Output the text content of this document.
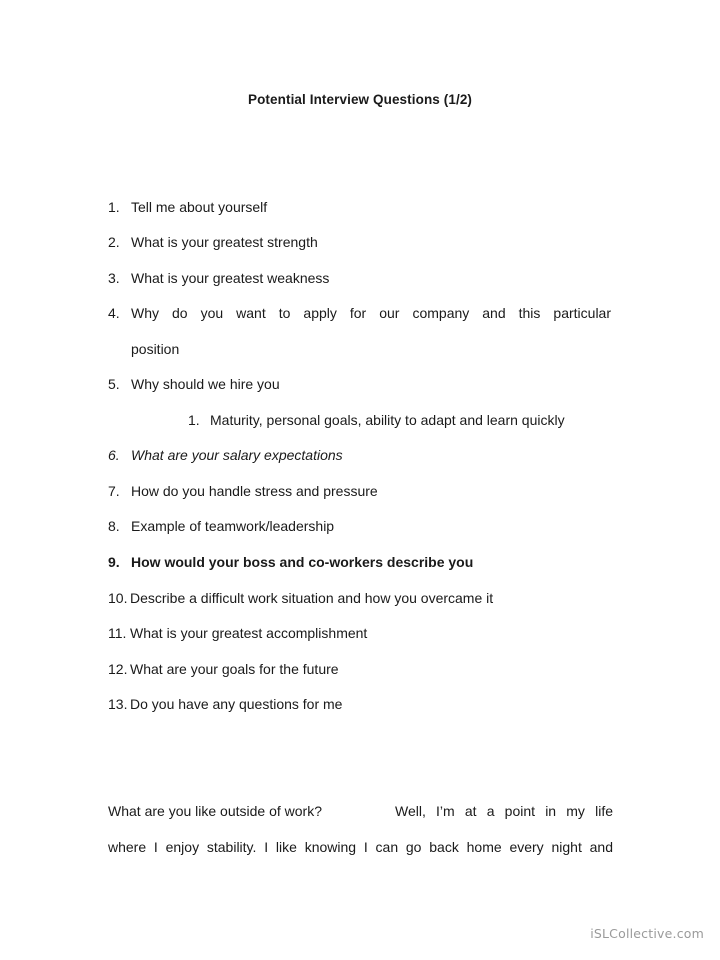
Potential Interview Questions (1/2)
1. Tell me about yourself
2. What is your greatest strength
3. What is your greatest weakness
4. Why do you want to apply for our company and this particular
position
5. Why should we hire you
1. Maturity, personal goals, ability to adapt and learn quickly
6. What are your salary expectations
7. How do you handle stress and pressure
8. Example of teamwork/leadership
9. How would your boss and co-workers describe you
10. Describe a difficult work situation and how you overcame it
11. What is your greatest accomplishment
12. What are your goals for the future
13. Do you have any questions for me
What are you like outside of work?	Well, I’m at a point in my life
where I enjoy stability. I like knowing I can go back home every night and
iSLCollective.com
